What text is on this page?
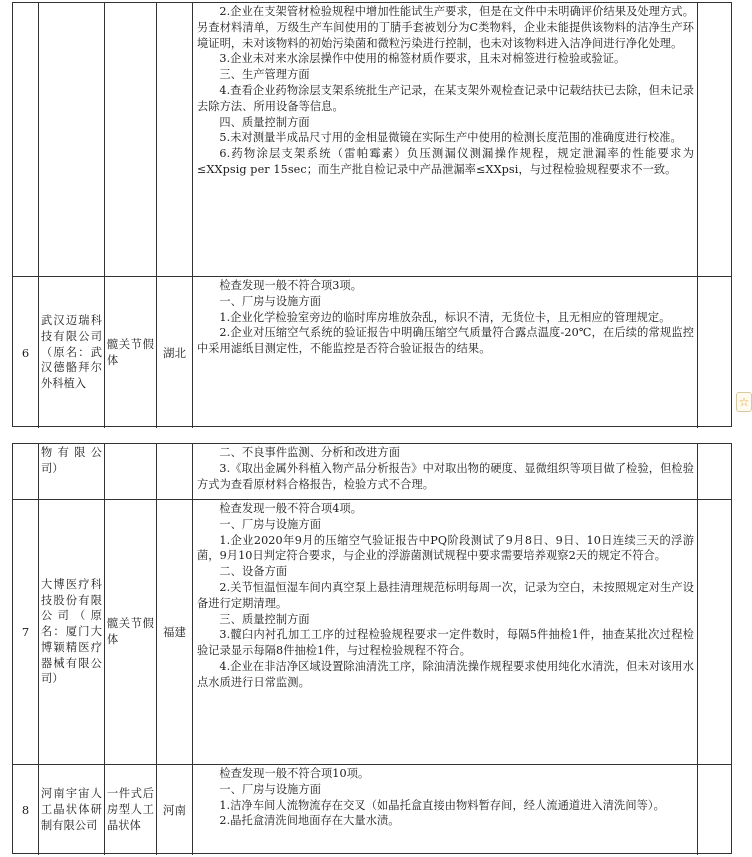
2.企业在支架管材检验规程中增加性能试生产要求，但是在文件中未明确评价结果及处理方式。另查材料清单，万级生产车间使用的丁腈手套被划分为C类物料，企业未能提供该物料的洁净生产环境证明，未对该物料的初始污染菌和微粒污染进行控制，也未对该物料进入洁净间进行净化处理。

3.企业未对来水涂层操作中使用的棉签材质作要求，且未对棉签进行检验或验证。

三、生产管理方面

4.查看企业药物涂层支架系统批生产记录，在某支架外观检查记录中记载结扶已去除，但未记录去除方法、所用设备等信息。

四、质量控制方面

5.未对测量半成品尺寸用的金相显微镜在实际生产中使用的检测长度范围的准确度进行校准。

6.药物涂层支架系统（雷帕霉素）负压测漏仪测漏操作规程，规定泄漏率的性能要求为≤XXpsig per 15sec；而生产批自检记录中产品泄漏率≤XXpsi，与过程检验规程要求不一致。

6
武汉迈瑞科技有限公司（原名：武汉德骼拜尔外科植入
髋关节假体
湖北

检查发现一般不符合项3项。

一、厂房与设施方面

1.企业化学检验室旁边的临时库房堆放杂乱，标识不清，无货位卡，且无相应的管理规定。

2.企业对压缩空气系统的验证报告中明确压缩空气质量符合露点温度-20℃，在后续的常规监控中采用滤纸目测定性，不能监控是否符合验证报告的结果。

☆
物有限公司）

二、不良事件监测、分析和改进方面

3.《取出金属外科植入物产品分析报告》中对取出物的硬度、显微组织等项目做了检验，但检验方式为查看原材料合格报告，检验方式不合理。

7
大博医疗科技股份有限公司（原名：厦门大博颖精医疗器械有限公司）
髋关节假体
福建

检查发现一般不符合项4项。

一、厂房与设施方面

1.企业2020年9月的压缩空气验证报告中PQ阶段测试了9月8日、9日、10日连续三天的浮游菌，9月10日判定符合要求，与企业的浮游菌测试规程中要求需要培养观察2天的规定不符合。

二、设备方面

2.关节恒温恒湿车间内真空泵上悬挂清理规范标明每周一次，记录为空白，未按照规定对生产设备进行定期清理。

三、质量控制方面

3.髋臼内衬孔加工工序的过程检验规程要求一定件数时，每隔5件抽检1件，抽查某批次过程检验记录显示每隔8件抽检1件，与过程检验规程不符合。

4.企业在非洁净区域设置除油清洗工序，除油清洗操作规程要求使用纯化水清洗，但未对该用水点水质进行日常监测。

8
河南宇宙人工晶状体研制有限公司
一件式后房型人工晶状体
河南

检查发现一般不符合项10项。

一、厂房与设施方面

1.洁净车间人流物流存在交叉（如晶托盒直接由物料暂存间，经人流通道进入清洗间等）。

2.晶托盒清洗间地面存在大量水渍。
